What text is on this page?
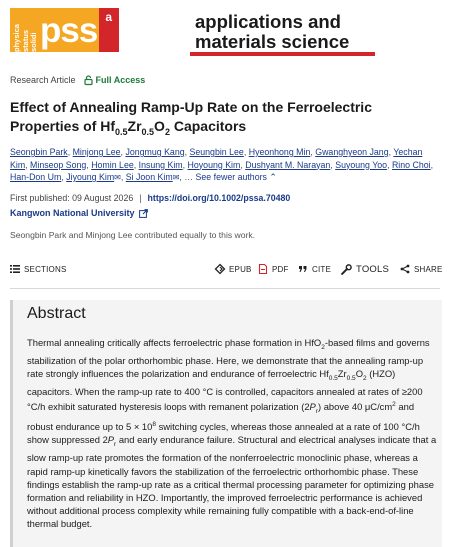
physica status solidi pss a	applications and
materials science
Research Article Full Access
Effect of Annealing Ramp-Up Rate on the Ferroelectric Properties of $Hf_{0.5}Zr_{0.5}O_2$ Capacitors
Seongbin Park, Minjong Lee, Jongmug Kang, Seungbin Lee, Hyeonhong Min, Gwanghyeon Jang, Yechan Kim, Minseop Song, Homin Lee, Insung Kim, Hoyoung Kim, Dushyant M. Narayan, Suyoung Yoo, Rino Choi, Han-Don Um, Jiyoung Kim✉, Si Joon Kim✉, … See fewer authors ⌃
First published: 09 August 2026 | https://doi.org/10.1002/pssa.70480
Kangwon National University
Seongbin Park and Minjong Lee contributed equally to this work.
SECTIONS	EPUB	PDF	CITE	TOOLS	SHARE
Abstract

Thermal annealing critically affects ferroelectric phase formation in HfO$_2$-based films and governs stabilization of the polar orthorhombic phase. Here, we demonstrate that the annealing ramp-up rate strongly influences the polarization and endurance of ferroelectric $Hf_{0.5}Zr_{0.5}O_2$ (HZO) capacitors. When the ramp-up rate to 400 °C is controlled, capacitors annealed at rates of ≥200 °C/h exhibit saturated hysteresis loops with remanent polarization $(2P_r)$ above 40 $\mu C/cm^2$ and robust endurance up to $5 \times 10^8$ switching cycles, whereas those annealed at a rate of 100 °C/h show suppressed $2P_r$ and early endurance failure. Structural and electrical analyses indicate that a slow ramp-up rate promotes the formation of the nonferroelectric monoclinic phase, whereas a rapid ramp-up kinetically favors the stabilization of the ferroelectric orthorhombic phase. These findings establish the ramp-up rate as a critical thermal processing parameter for optimizing phase formation and reliability in HZO. Importantly, the improved ferroelectric performance is achieved without additional process complexity while remaining fully compatible with a back-end-of-line thermal budget.
